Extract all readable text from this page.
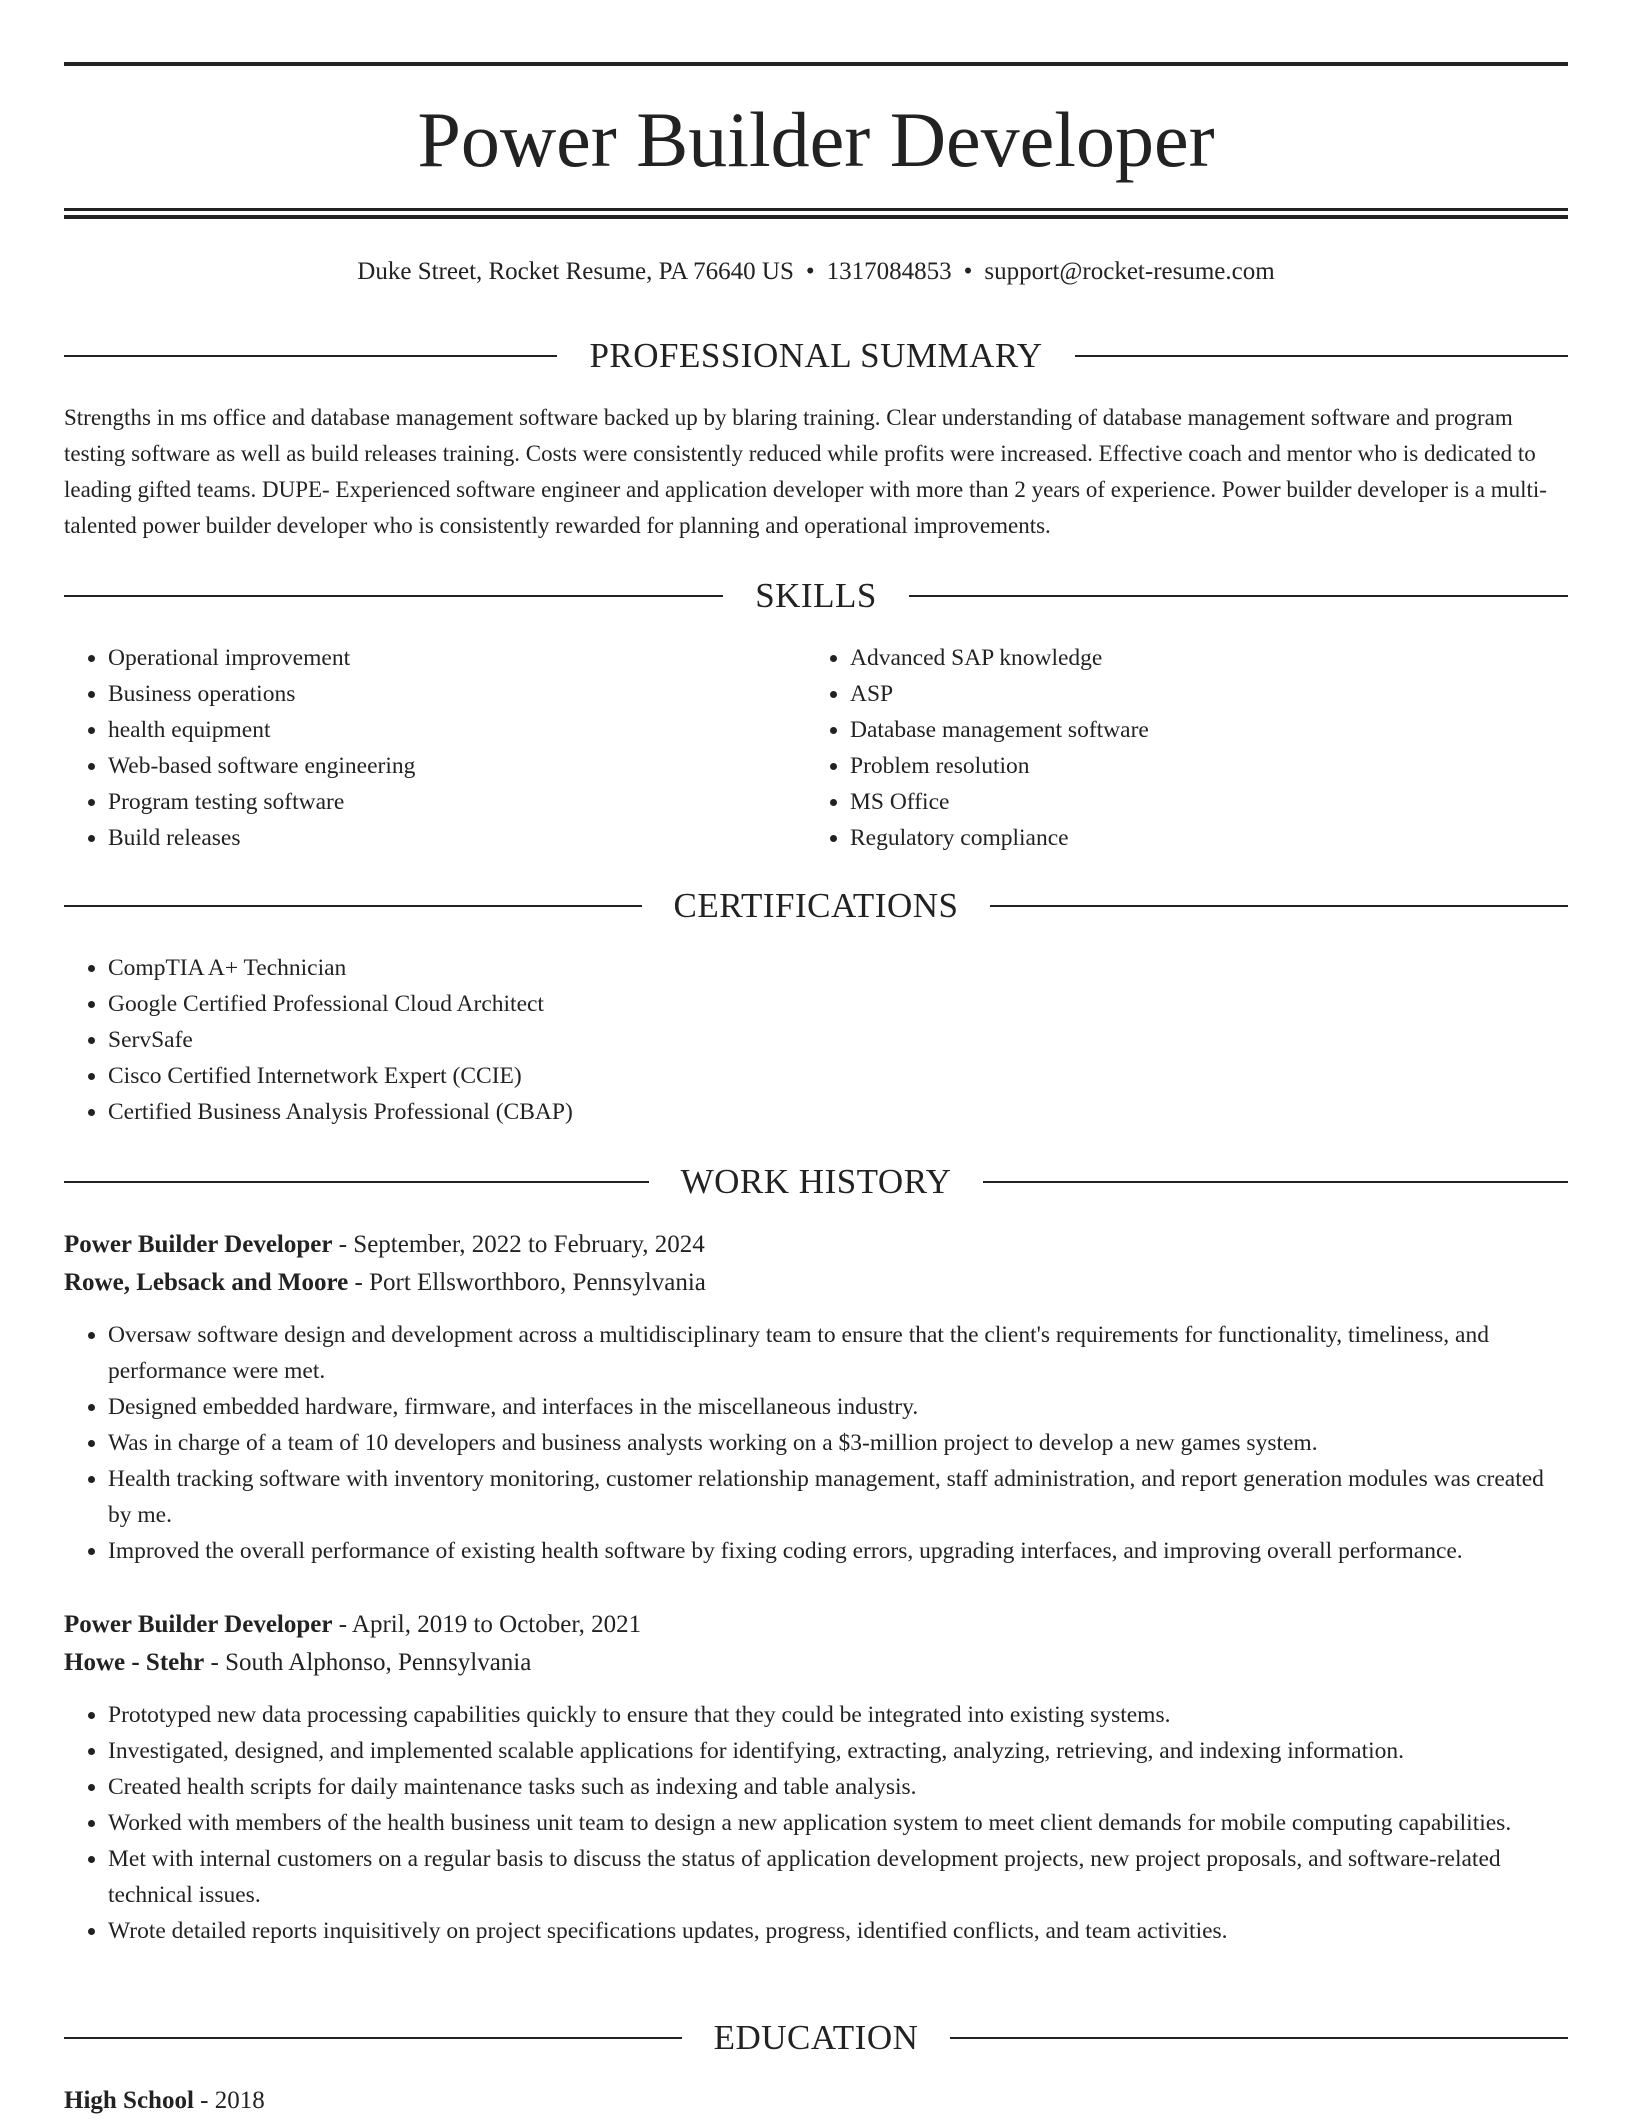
Power Builder Developer
Duke Street, Rocket Resume, PA 76640 US • 1317084853 • support@rocket-resume.com
PROFESSIONAL SUMMARY

Strengths in ms office and database management software backed up by blaring training. Clear understanding of database management software and program testing software as well as build releases training. Costs were consistently reduced while profits were increased. Effective coach and mentor who is dedicated to leading gifted teams. DUPE- Experienced software engineer and application developer with more than 2 years of experience. Power builder developer is a multi-talented power builder developer who is consistently rewarded for planning and operational improvements.

SKILLS
• Operational improvement
• Business operations
• health equipment
• Web-based software engineering
• Program testing software
• Build releases
• Advanced SAP knowledge
• ASP
• Database management software
• Problem resolution
• MS Office
• Regulatory compliance
CERTIFICATIONS
• CompTIA A+ Technician
• Google Certified Professional Cloud Architect
• ServSafe
• Cisco Certified Internetwork Expert (CCIE)
• Certified Business Analysis Professional (CBAP)
WORK HISTORY
Power Builder Developer - September, 2022 to February, 2024
Rowe, Lebsack and Moore - Port Ellsworthboro, Pennsylvania
• Oversaw software design and development across a multidisciplinary team to ensure that the client's requirements for functionality, timeliness, and performance were met.
• Designed embedded hardware, firmware, and interfaces in the miscellaneous industry.
• Was in charge of a team of 10 developers and business analysts working on a $3-million project to develop a new games system.
• Health tracking software with inventory monitoring, customer relationship management, staff administration, and report generation modules was created by me.
• Improved the overall performance of existing health software by fixing coding errors, upgrading interfaces, and improving overall performance.
Power Builder Developer - April, 2019 to October, 2021
Howe - Stehr - South Alphonso, Pennsylvania
• Prototyped new data processing capabilities quickly to ensure that they could be integrated into existing systems.
• Investigated, designed, and implemented scalable applications for identifying, extracting, analyzing, retrieving, and indexing information.
• Created health scripts for daily maintenance tasks such as indexing and table analysis.
• Worked with members of the health business unit team to design a new application system to meet client demands for mobile computing capabilities.
• Met with internal customers on a regular basis to discuss the status of application development projects, new project proposals, and software-related technical issues.
• Wrote detailed reports inquisitively on project specifications updates, progress, identified conflicts, and team activities.
EDUCATION
High School - 2018
